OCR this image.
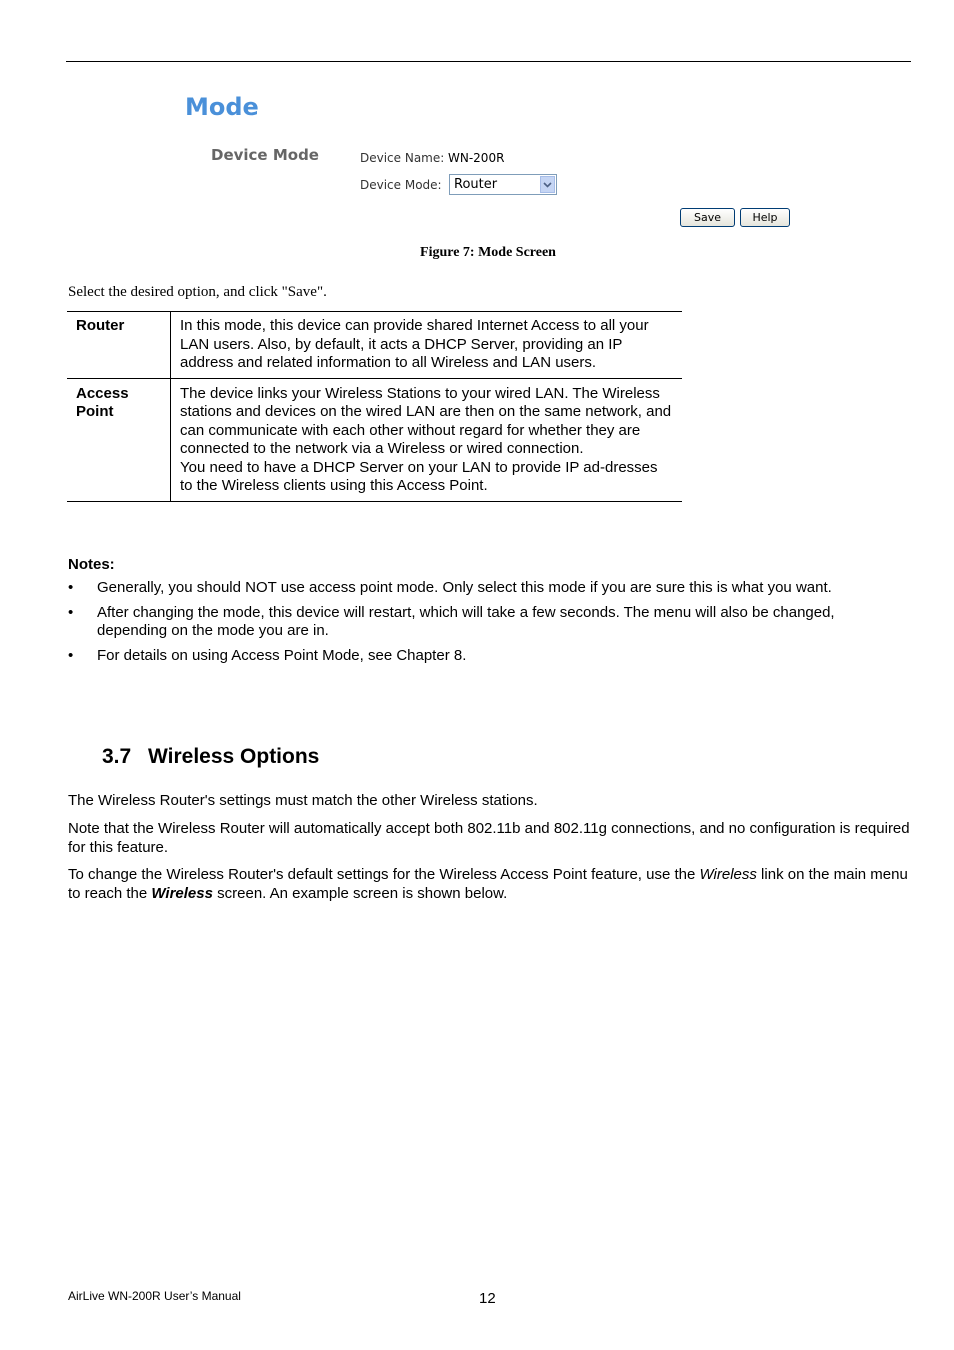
Mode
Device Mode	Device Name: WN-200R
Device Mode: Router
Save	Help
Figure 7: Mode Screen
Select the desired option, and click "Save".
Router	In this mode, this device can provide shared Internet Access to all your LAN users. Also, by default, it acts a DHCP Server, providing an IP address and related information to all Wireless and LAN users.

Access Point	The device links your Wireless Stations to your wired LAN. The Wireless stations and devices on the wired LAN are then on the same network, and can communicate with each other without regard for whether they are connected to the network via a Wireless or wired connection.
You need to have a DHCP Server on your LAN to provide IP ad-dresses to the Wireless clients using this Access Point.
Notes:
• Generally, you should NOT use access point mode. Only select this mode if you are sure this is what you want.
• After changing the mode, this device will restart, which will take a few seconds. The menu will also be changed, depending on the mode you are in.
• For details on using Access Point Mode, see Chapter 8.
3.7 Wireless Options
The Wireless Router's settings must match the other Wireless stations.
Note that the Wireless Router will automatically accept both 802.11b and 802.11g connections, and no configuration is required for this feature.
To change the Wireless Router's default settings for the Wireless Access Point feature, use the Wireless link on the main menu to reach the Wireless screen. An example screen is shown below.
AirLive WN-200R User’s Manual	12
